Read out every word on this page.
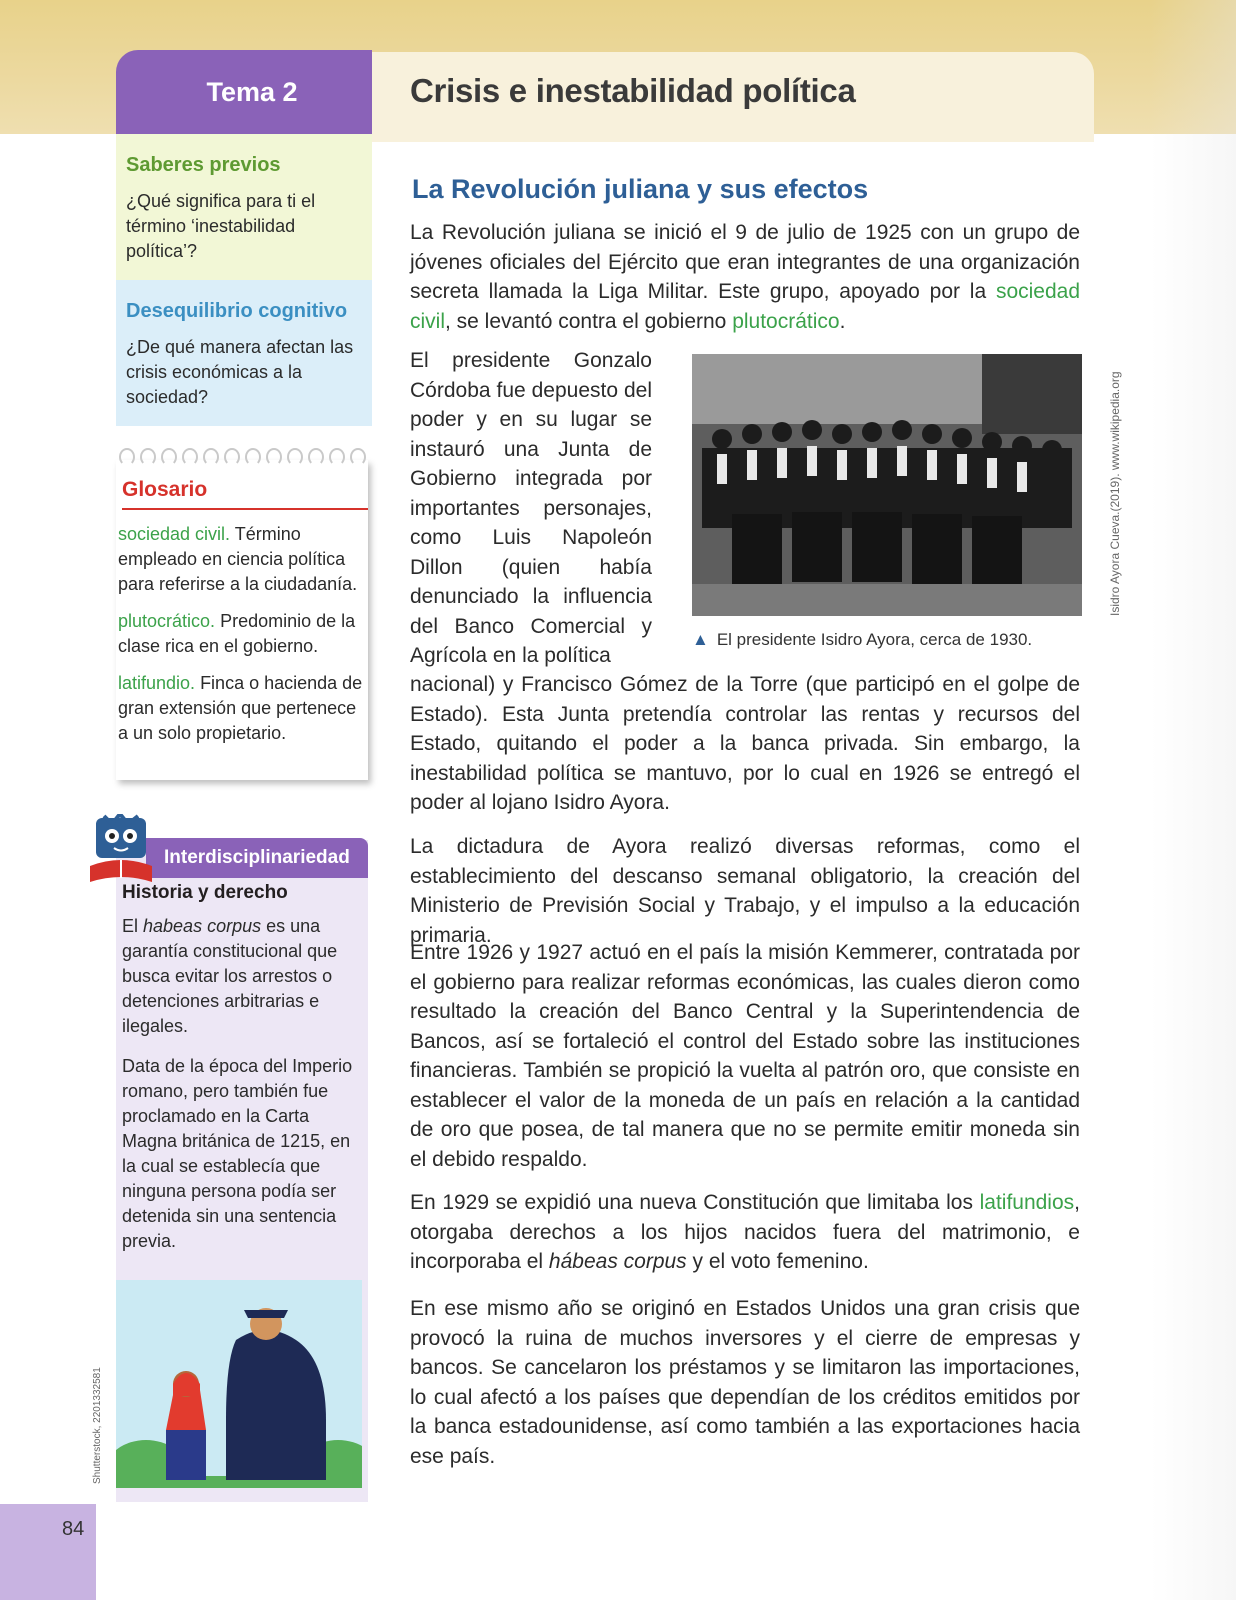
Tema 2	Crisis e inestabilidad política
Saberes previos
¿Qué significa para ti el término ‘inestabilidad política’?
Desequilibrio cognitivo
¿De qué manera afectan las crisis económicas a la sociedad?
Glosario
sociedad civil. Término empleado en ciencia política para referirse a la ciudadanía.
plutocrático. Predominio de la clase rica en el gobierno.
latifundio. Finca o hacienda de gran extensión que pertenece a un solo propietario.
Interdisciplinariedad
Historia y derecho
El habeas corpus es una garantía constitucional que busca evitar los arrestos o detenciones arbitrarias e ilegales.
Data de la época del Imperio romano, pero también fue proclamado en la Carta Magna británica de 1215, en la cual se establecía que ninguna persona podía ser detenida sin una sentencia previa.
Shutterstock, 2201332581
La Revolución juliana y sus efectos
La Revolución juliana se inició el 9 de julio de 1925 con un grupo de jóvenes oficiales del Ejército que eran integrantes de una organización secreta llamada la Liga Militar. Este grupo, apoyado por la sociedad civil, se levantó contra el gobierno plutocrático.
El presidente Gonzalo Córdoba fue depuesto del poder y en su lugar se instauró una Junta de Gobierno integrada por importantes personajes, como Luis Napoleón Dillon (quien había denunciado la influencia del Banco Comercial y Agrícola en la política
▲ El presidente Isidro Ayora, cerca de 1930.
Isidro Ayora Cueva.(2019). www.wikipedia.org
nacional) y Francisco Gómez de la Torre (que participó en el golpe de Estado). Esta Junta pretendía controlar las rentas y recursos del Estado, quitando el poder a la banca privada. Sin embargo, la inestabilidad política se mantuvo, por lo cual en 1926 se entregó el poder al lojano Isidro Ayora.
La dictadura de Ayora realizó diversas reformas, como el establecimiento del descanso semanal obligatorio, la creación del Ministerio de Previsión Social y Trabajo, y el impulso a la educación primaria.
Entre 1926 y 1927 actuó en el país la misión Kemmerer, contratada por el gobierno para realizar reformas económicas, las cuales dieron como resultado la creación del Banco Central y la Superintendencia de Bancos, así se fortaleció el control del Estado sobre las instituciones financieras. También se propició la vuelta al patrón oro, que consiste en establecer el valor de la moneda de un país en relación a la cantidad de oro que posea, de tal manera que no se permite emitir moneda sin el debido respaldo.
En 1929 se expidió una nueva Constitución que limitaba los latifundios, otorgaba derechos a los hijos nacidos fuera del matrimonio, e incorporaba el hábeas corpus y el voto femenino.
En ese mismo año se originó en Estados Unidos una gran crisis que provocó la ruina de muchos inversores y el cierre de empresas y bancos. Se cancelaron los préstamos y se limitaron las importaciones, lo cual afectó a los países que dependían de los créditos emitidos por la banca estadounidense, así como también a las exportaciones hacia ese país.
84
